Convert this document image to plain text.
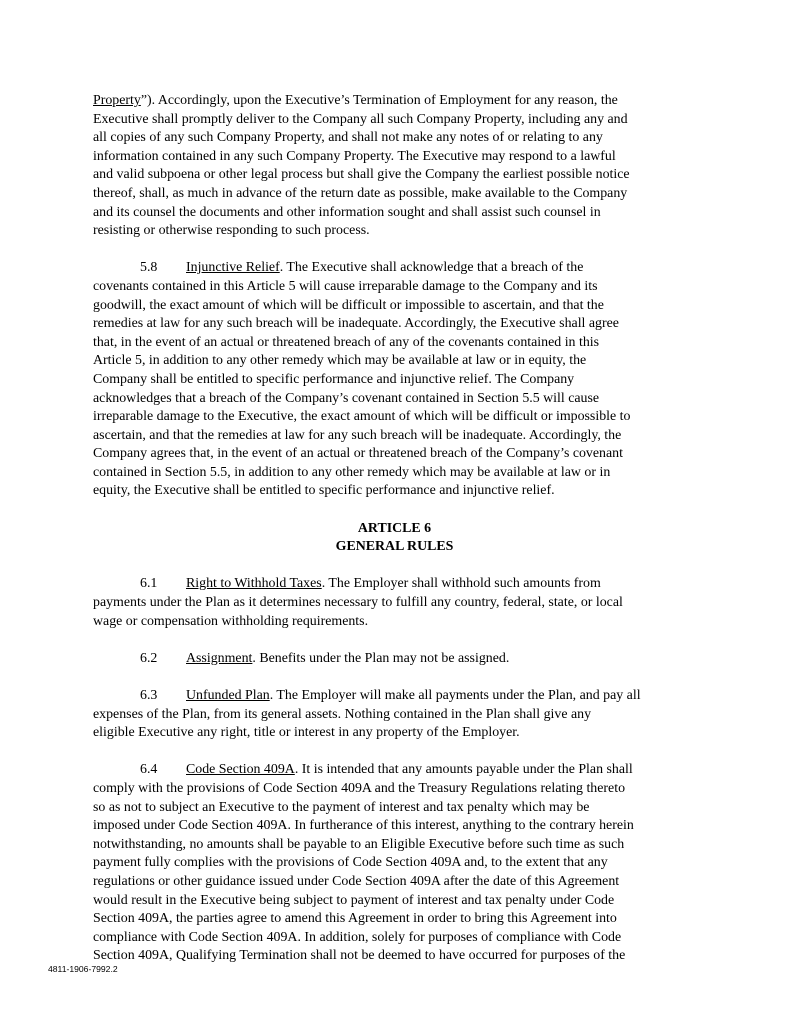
Property”). Accordingly, upon the Executive’s Termination of Employment for any reason, the
Executive shall promptly deliver to the Company all such Company Property, including any and
all copies of any such Company Property, and shall not make any notes of or relating to any
information contained in any such Company Property. The Executive may respond to a lawful
and valid subpoena or other legal process but shall give the Company the earliest possible notice
thereof, shall, as much in advance of the return date as possible, make available to the Company
and its counsel the documents and other information sought and shall assist such counsel in
resisting or otherwise responding to such process.
5.8 Injunctive Relief. The Executive shall acknowledge that a breach of the
covenants contained in this Article 5 will cause irreparable damage to the Company and its
goodwill, the exact amount of which will be difficult or impossible to ascertain, and that the
remedies at law for any such breach will be inadequate. Accordingly, the Executive shall agree
that, in the event of an actual or threatened breach of any of the covenants contained in this
Article 5, in addition to any other remedy which may be available at law or in equity, the
Company shall be entitled to specific performance and injunctive relief. The Company
acknowledges that a breach of the Company’s covenant contained in Section 5.5 will cause
irreparable damage to the Executive, the exact amount of which will be difficult or impossible to
ascertain, and that the remedies at law for any such breach will be inadequate. Accordingly, the
Company agrees that, in the event of an actual or threatened breach of the Company’s covenant
contained in Section 5.5, in addition to any other remedy which may be available at law or in
equity, the Executive shall be entitled to specific performance and injunctive relief.

ARTICLE 6

GENERAL RULES

6.1 Right to Withhold Taxes. The Employer shall withhold such amounts from
payments under the Plan as it determines necessary to fulfill any country, federal, state, or local
wage or compensation withholding requirements.
6.2 Assignment. Benefits under the Plan may not be assigned.
6.3 Unfunded Plan. The Employer will make all payments under the Plan, and pay all
expenses of the Plan, from its general assets. Nothing contained in the Plan shall give any
eligible Executive any right, title or interest in any property of the Employer.
6.4 Code Section 409A. It is intended that any amounts payable under the Plan shall
comply with the provisions of Code Section 409A and the Treasury Regulations relating thereto
so as not to subject an Executive to the payment of interest and tax penalty which may be
imposed under Code Section 409A. In furtherance of this interest, anything to the contrary herein
notwithstanding, no amounts shall be payable to an Eligible Executive before such time as such
payment fully complies with the provisions of Code Section 409A and, to the extent that any
regulations or other guidance issued under Code Section 409A after the date of this Agreement
would result in the Executive being subject to payment of interest and tax penalty under Code
Section 409A, the parties agree to amend this Agreement in order to bring this Agreement into
compliance with Code Section 409A. In addition, solely for purposes of compliance with Code
Section 409A, Qualifying Termination shall not be deemed to have occurred for purposes of the
4811-1906-7992.2
